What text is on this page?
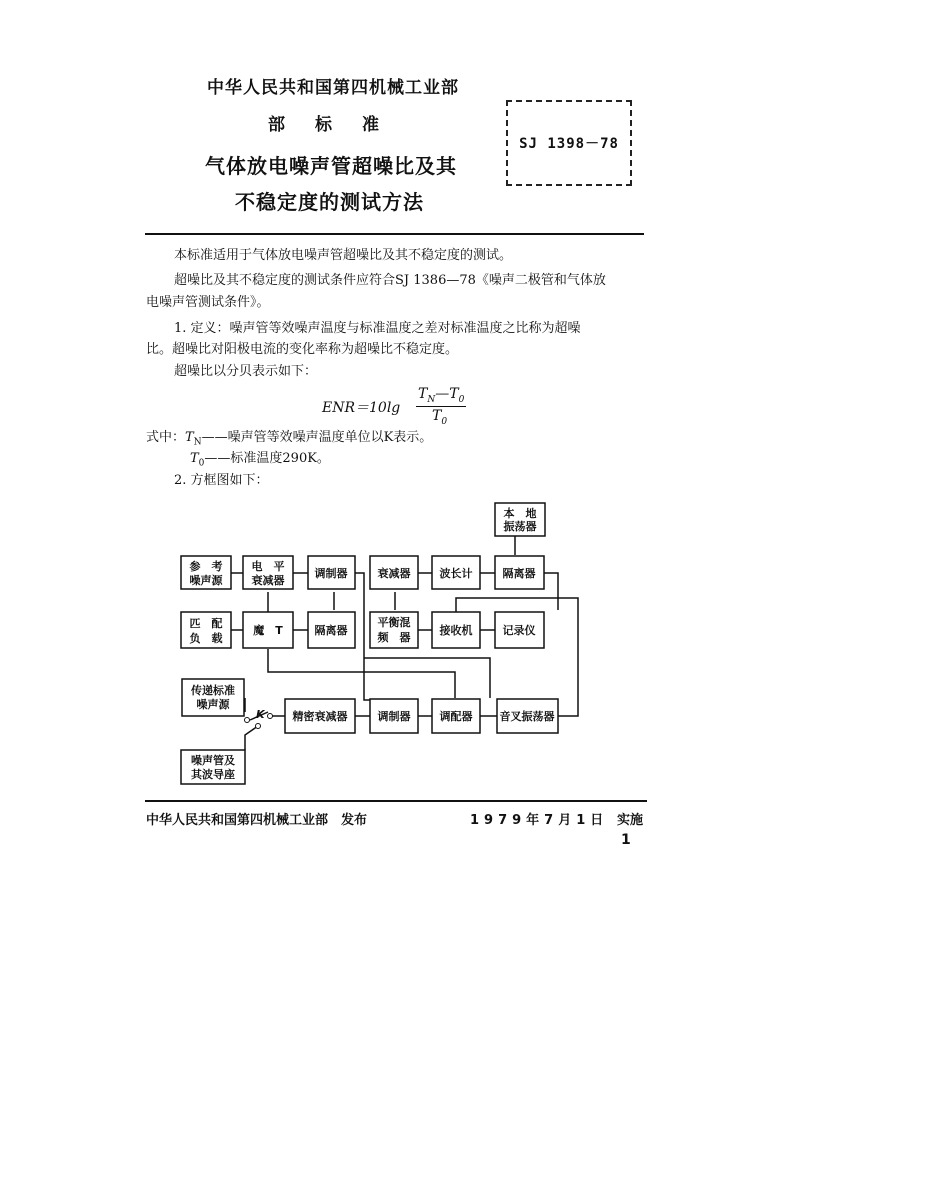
中华人民共和国第四机械工业部
部标准
气体放电噪声管超噪比及其
不稳定度的测试方法
SJ 1398－78
本标准适用于气体放电噪声管超噪比及其不稳定度的测试。
超噪比及其不稳定度的测试条件应符合SJ 1386—78《噪声二极管和气体放
电噪声管测试条件》。
1. 定义：噪声管等效噪声温度与标准温度之差对标准温度之比称为超噪
比。超噪比对阳极电流的变化率称为超噪比不稳定度。
超噪比以分贝表示如下：
ENR＝10lg
$T_N—T_0$
$T_0$
式中：$T_N——$噪声管等效噪声温度单位以K表示。
$T_0——$标准温度290K。
2. 方框图如下：
本　地
振荡器
参　考
噪声源
电　平
衰减器
调制器	衰减器	波长计	隔离器
匹　配
负　载
魔　T	隔离器
平衡混
频　器
接收机	记录仪
传递标准
噪声源
K	精密衰减器	调制器	调配器 音叉振荡器
噪声管及
其波导座
中华人民共和国第四机械工业部　发布	1979年7月1日 实施
1
